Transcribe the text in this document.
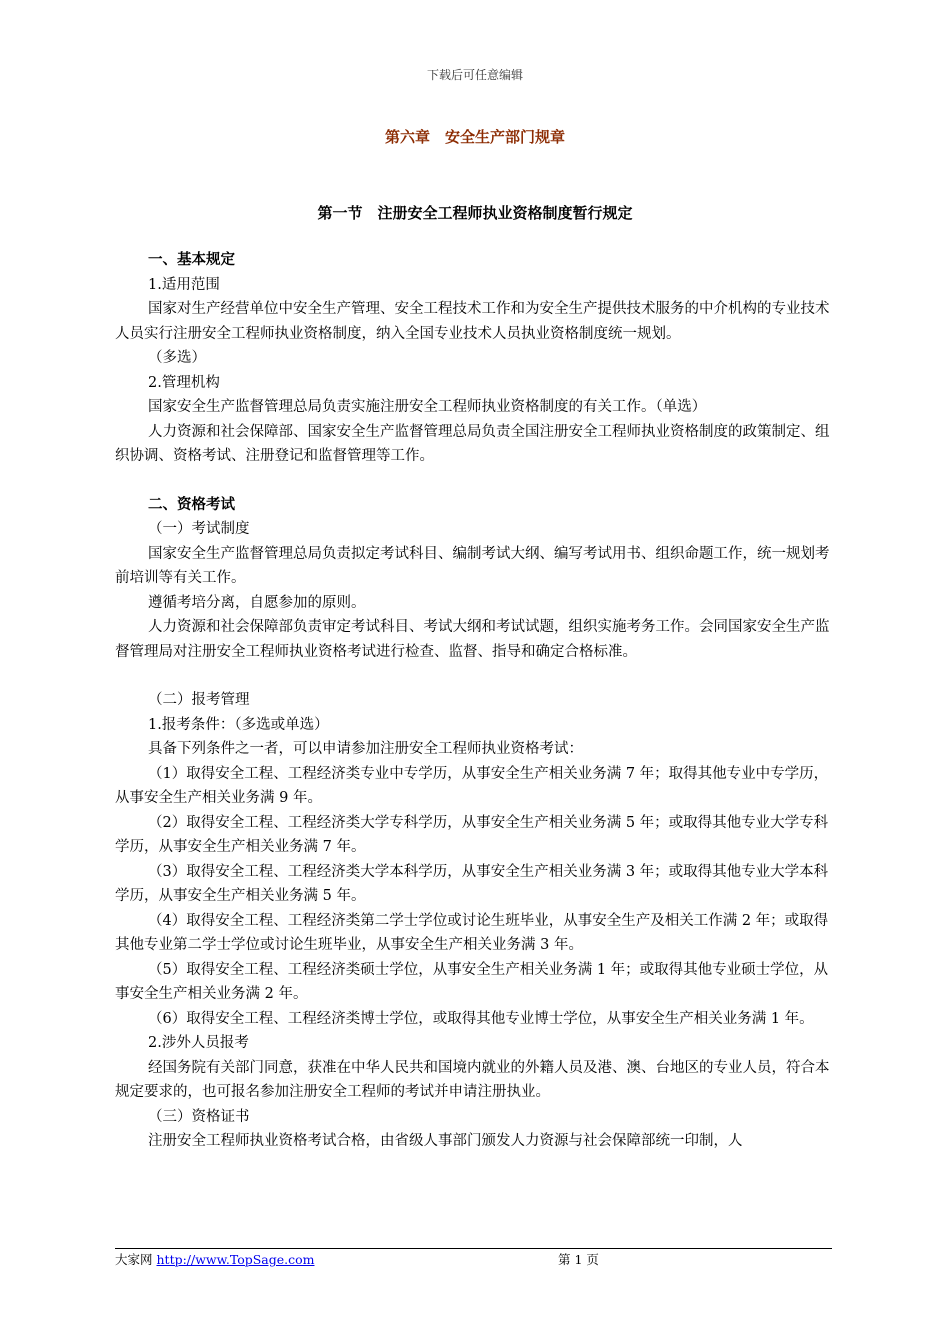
下载后可任意编辑
第六章　安全生产部门规章
第一节　注册安全工程师执业资格制度暂行规定

一、基本规定

1.适用范围

国家对生产经营单位中安全生产管理、安全工程技术工作和为安全生产提供技术服务的中介机构的专业技术人员实行注册安全工程师执业资格制度，纳入全国专业技术人员执业资格制度统一规划。

（多选）

2.管理机构

国家安全生产监督管理总局负责实施注册安全工程师执业资格制度的有关工作。（单选）

人力资源和社会保障部、国家安全生产监督管理总局负责全国注册安全工程师执业资格制度的政策制定、组织协调、资格考试、注册登记和监督管理等工作。

二、资格考试

（一）考试制度

国家安全生产监督管理总局负责拟定考试科目、编制考试大纲、编写考试用书、组织命题工作，统一规划考前培训等有关工作。

遵循考培分离，自愿参加的原则。

人力资源和社会保障部负责审定考试科目、考试大纲和考试试题，组织实施考务工作。会同国家安全生产监督管理局对注册安全工程师执业资格考试进行检查、监督、指导和确定合格标准。

（二）报考管理

1.报考条件：（多选或单选）

具备下列条件之一者，可以申请参加注册安全工程师执业资格考试：

（1）取得安全工程、工程经济类专业中专学历，从事安全生产相关业务满 7 年；取得其他专业中专学历，从事安全生产相关业务满 9 年。

（2）取得安全工程、工程经济类大学专科学历，从事安全生产相关业务满 5 年；或取得其他专业大学专科学历，从事安全生产相关业务满 7 年。

（3）取得安全工程、工程经济类大学本科学历，从事安全生产相关业务满 3 年；或取得其他专业大学本科学历，从事安全生产相关业务满 5 年。

（4）取得安全工程、工程经济类第二学士学位或讨论生班毕业，从事安全生产及相关工作满 2 年；或取得其他专业第二学士学位或讨论生班毕业，从事安全生产相关业务满 3 年。

（5）取得安全工程、工程经济类硕士学位，从事安全生产相关业务满 1 年；或取得其他专业硕士学位，从事安全生产相关业务满 2 年。

（6）取得安全工程、工程经济类博士学位，或取得其他专业博士学位，从事安全生产相关业务满 1 年。

2.涉外人员报考

经国务院有关部门同意，获准在中华人民共和国境内就业的外籍人员及港、澳、台地区的专业人员，符合本规定要求的，也可报名参加注册安全工程师的考试并申请注册执业。

（三）资格证书

注册安全工程师执业资格考试合格，由省级人事部门颁发人力资源与社会保障部统一印制，人

大家网 http://www.TopSage.com	第 1 页
